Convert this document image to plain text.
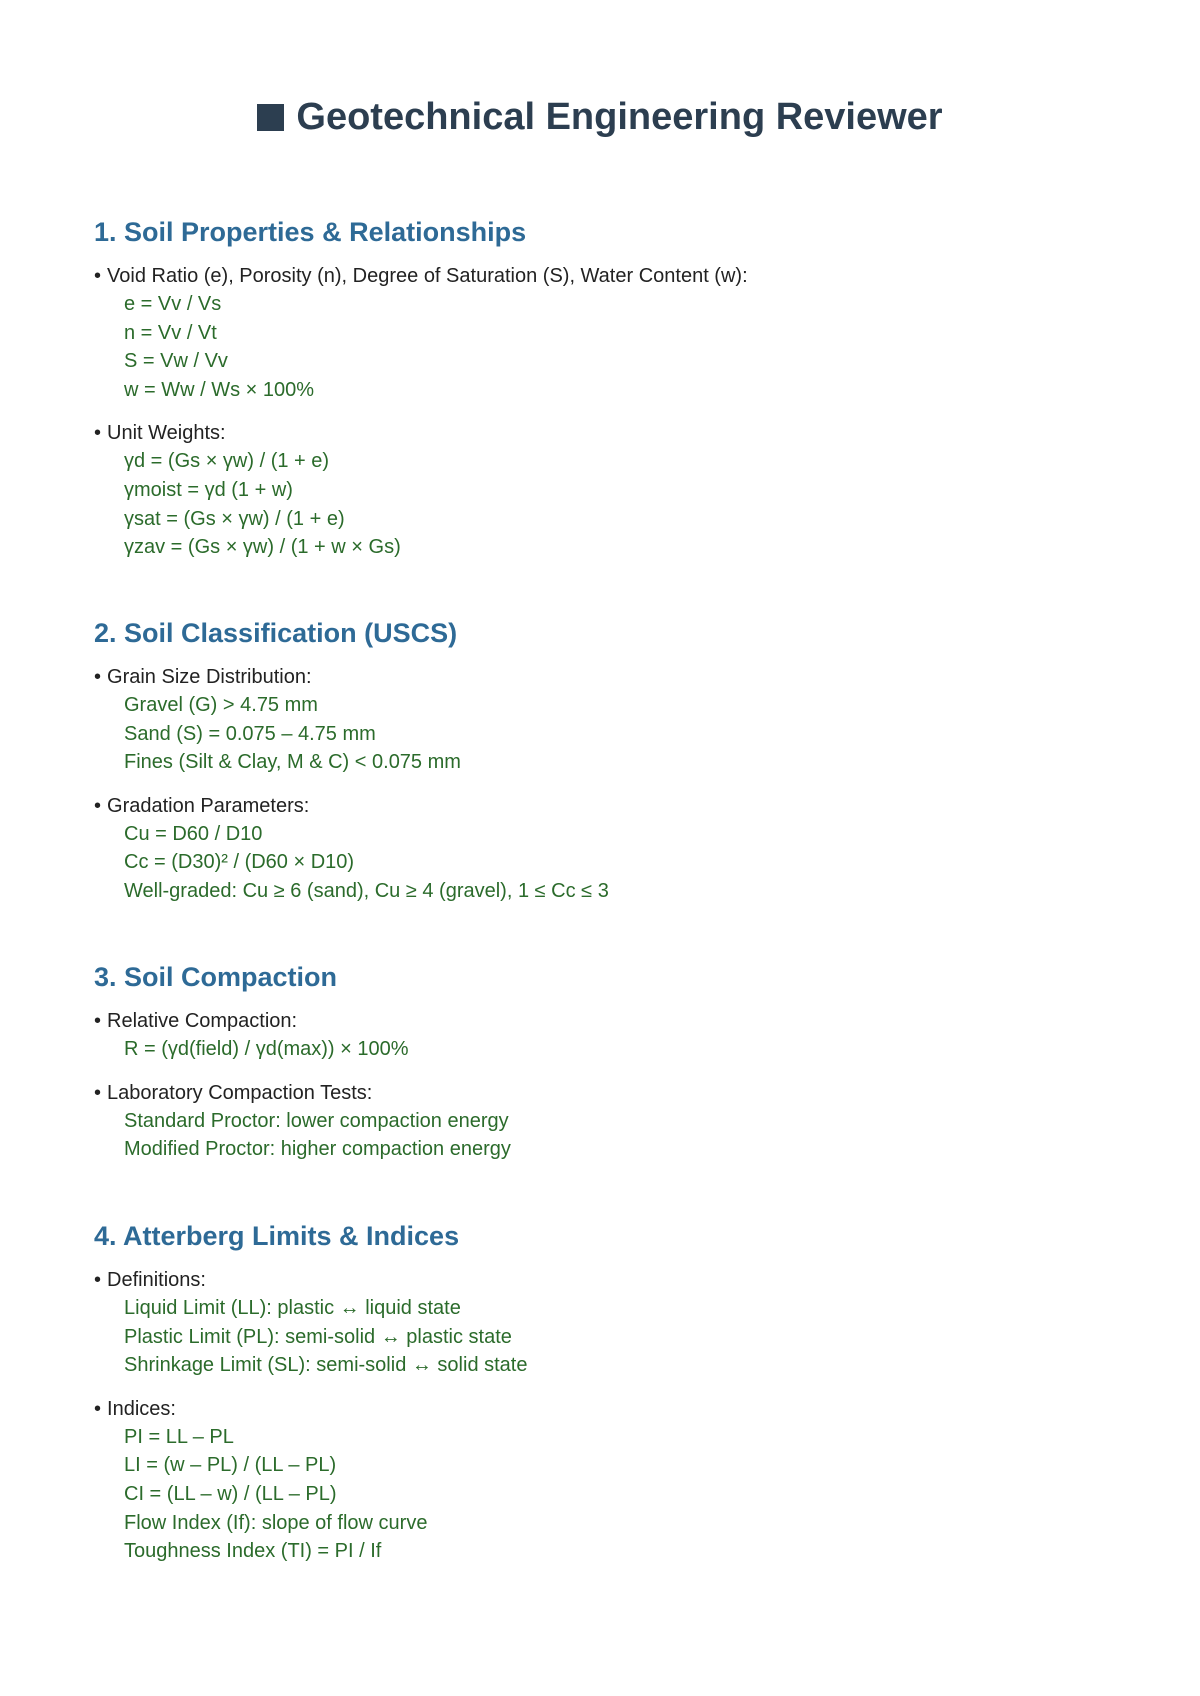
Geotechnical Engineering Reviewer
1. Soil Properties & Relationships
• Void Ratio (e), Porosity (n), Degree of Saturation (S), Water Content (w):
e = Vv / Vs
n = Vv / Vt
S = Vw / Vv
w = Ww / Ws × 100%
• Unit Weights:
γd = (Gs × γw) / (1 + e)
γmoist = γd (1 + w)
γsat = (Gs × γw) / (1 + e)
γzav = (Gs × γw) / (1 + w × Gs)
2. Soil Classification (USCS)
• Grain Size Distribution:
Gravel (G) > 4.75 mm
Sand (S) = 0.075 – 4.75 mm
Fines (Silt & Clay, M & C) < 0.075 mm
• Gradation Parameters:
Cu = D60 / D10
Cc = (D30)² / (D60 × D10)
Well-graded: Cu ≥ 6 (sand), Cu ≥ 4 (gravel), 1 ≤ Cc ≤ 3
3. Soil Compaction
• Relative Compaction:
R = (γd(field) / γd(max)) × 100%
• Laboratory Compaction Tests:
Standard Proctor: lower compaction energy
Modified Proctor: higher compaction energy
4. Atterberg Limits & Indices
• Definitions:
Liquid Limit (LL): plastic ↔ liquid state
Plastic Limit (PL): semi-solid ↔ plastic state
Shrinkage Limit (SL): semi-solid ↔ solid state
• Indices:
PI = LL – PL
LI = (w – PL) / (LL – PL)
CI = (LL – w) / (LL – PL)
Flow Index (If): slope of flow curve
Toughness Index (TI) = PI / If
